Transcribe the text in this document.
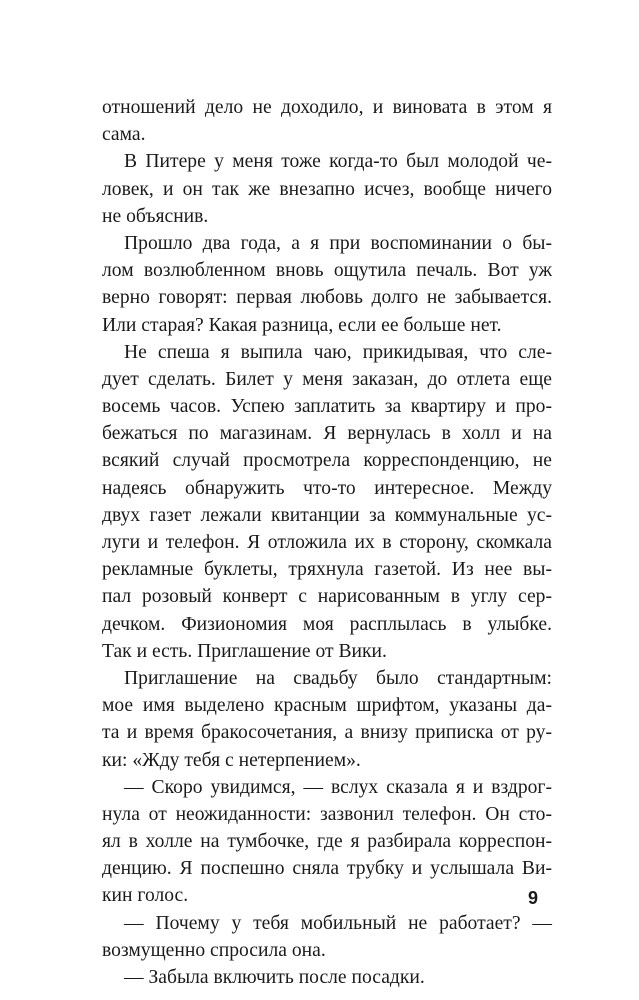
отношений дело не доходило, и виновата в этом я
сама.
В Питере у меня тоже когда-то был молодой че-
ловек, и он так же внезапно исчез, вообще ничего
не объяснив.
Прошло два года, а я при воспоминании о бы-
лом возлюбленном вновь ощутила печаль. Вот уж
верно говорят: первая любовь долго не забывается.
Или старая? Какая разница, если ее больше нет.
Не спеша я выпила чаю, прикидывая, что сле-
дует сделать. Билет у меня заказан, до отлета еще
восемь часов. Успею заплатить за квартиру и про-
бежаться по магазинам. Я вернулась в холл и на
всякий случай просмотрела корреспонденцию, не
надеясь обнаружить что-то интересное. Между
двух газет лежали квитанции за коммунальные ус-
луги и телефон. Я отложила их в сторону, скомкала
рекламные буклеты, тряхнула газетой. Из нее вы-
пал розовый конверт с нарисованным в углу сер-
дечком. Физиономия моя расплылась в улыбке.
Так и есть. Приглашение от Вики.
Приглашение на свадьбу было стандартным:
мое имя выделено красным шрифтом, указаны да-
та и время бракосочетания, а внизу приписка от ру-
ки: «Жду тебя с нетерпением».
— Скоро увидимся, — вслух сказала я и вздрог-
нула от неожиданности: зазвонил телефон. Он сто-
ял в холле на тумбочке, где я разбирала корреспон-
денцию. Я поспешно сняла трубку и услышала Ви-
кин голос.
— Почему у тебя мобильный не работает? —
возмущенно спросила она.
— Забыла включить после посадки.
9
